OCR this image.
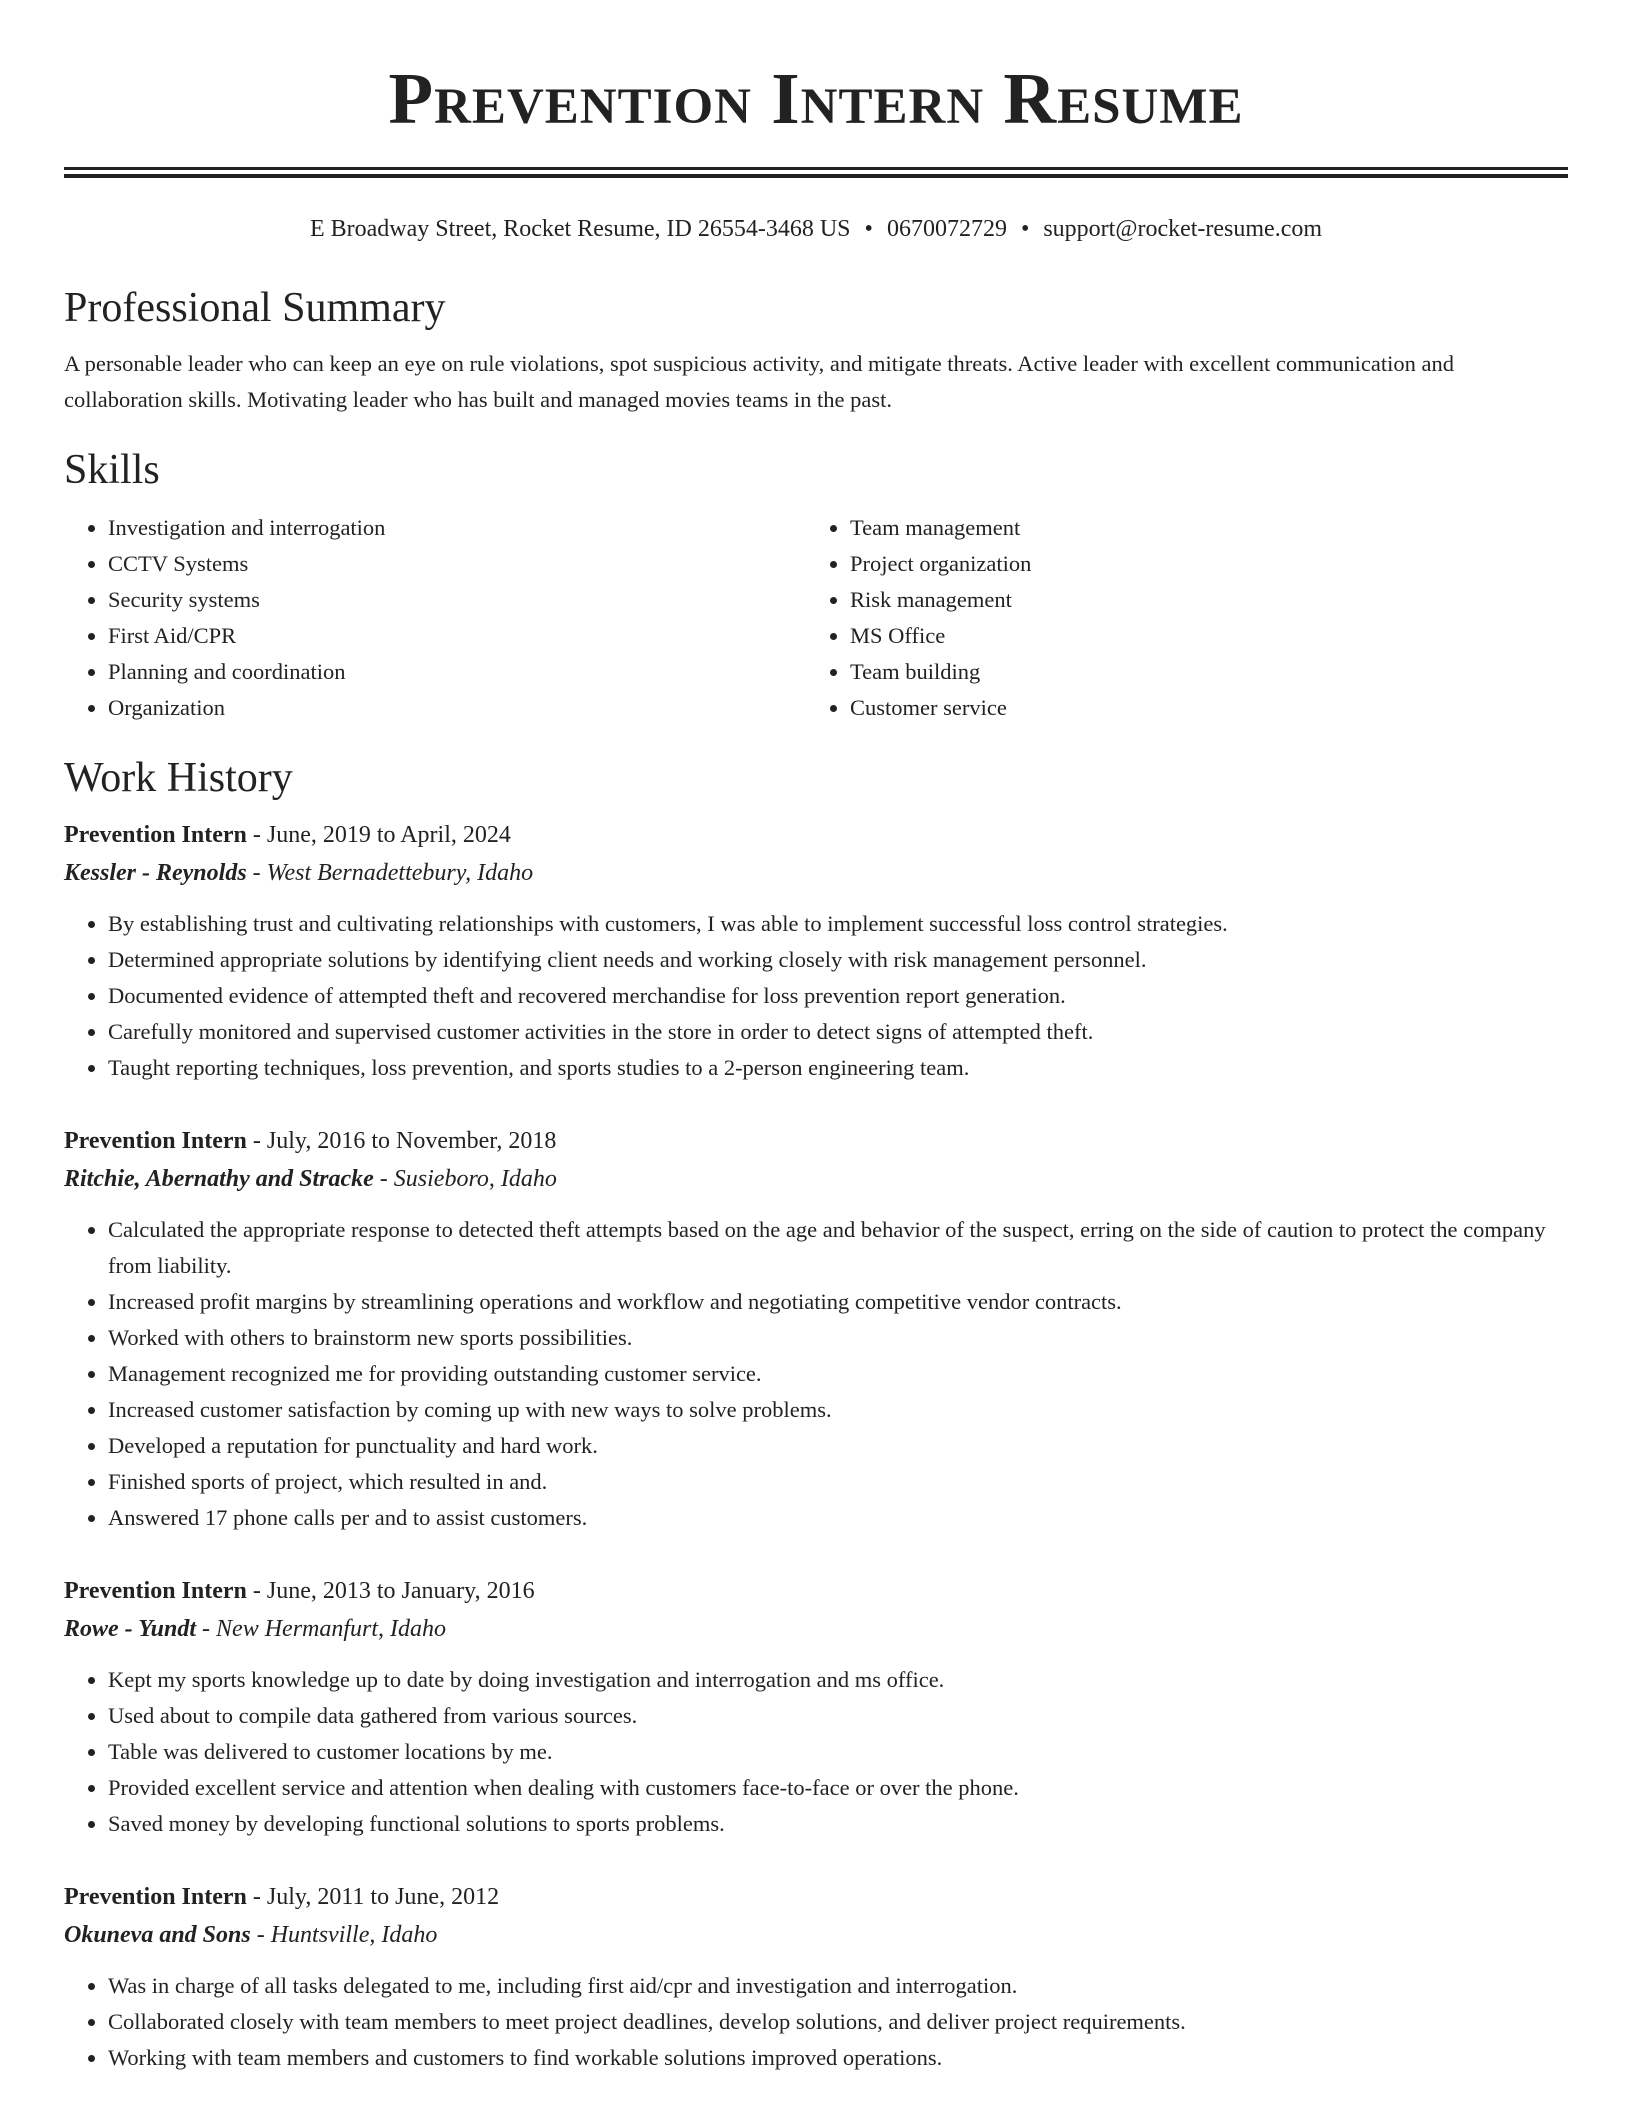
Prevention Intern Resume
E Broadway Street, Rocket Resume, ID 26554-3468 US • 0670072729 • support@rocket-resume.com
Professional Summary

A personable leader who can keep an eye on rule violations, spot suspicious activity, and mitigate threats. Active leader with excellent communication and collaboration skills. Motivating leader who has built and managed movies teams in the past.

Skills
• Investigation and interrogation
• CCTV Systems
• Security systems
• First Aid/CPR
• Planning and coordination
• Organization
• Team management
• Project organization
• Risk management
• MS Office
• Team building
• Customer service
Work History
Prevention Intern - June, 2019 to April, 2024
Kessler - Reynolds - West Bernadettebury, Idaho
• By establishing trust and cultivating relationships with customers, I was able to implement successful loss control strategies.
• Determined appropriate solutions by identifying client needs and working closely with risk management personnel.
• Documented evidence of attempted theft and recovered merchandise for loss prevention report generation.
• Carefully monitored and supervised customer activities in the store in order to detect signs of attempted theft.
• Taught reporting techniques, loss prevention, and sports studies to a 2-person engineering team.
Prevention Intern - July, 2016 to November, 2018
Ritchie, Abernathy and Stracke - Susieboro, Idaho
• Calculated the appropriate response to detected theft attempts based on the age and behavior of the suspect, erring on the side of caution to protect the company from liability.
• Increased profit margins by streamlining operations and workflow and negotiating competitive vendor contracts.
• Worked with others to brainstorm new sports possibilities.
• Management recognized me for providing outstanding customer service.
• Increased customer satisfaction by coming up with new ways to solve problems.
• Developed a reputation for punctuality and hard work.
• Finished sports of project, which resulted in and.
• Answered 17 phone calls per and to assist customers.
Prevention Intern - June, 2013 to January, 2016
Rowe - Yundt - New Hermanfurt, Idaho
• Kept my sports knowledge up to date by doing investigation and interrogation and ms office.
• Used about to compile data gathered from various sources.
• Table was delivered to customer locations by me.
• Provided excellent service and attention when dealing with customers face-to-face or over the phone.
• Saved money by developing functional solutions to sports problems.
Prevention Intern - July, 2011 to June, 2012
Okuneva and Sons - Huntsville, Idaho
• Was in charge of all tasks delegated to me, including first aid/cpr and investigation and interrogation.
• Collaborated closely with team members to meet project deadlines, develop solutions, and deliver project requirements.
• Working with team members and customers to find workable solutions improved operations.
